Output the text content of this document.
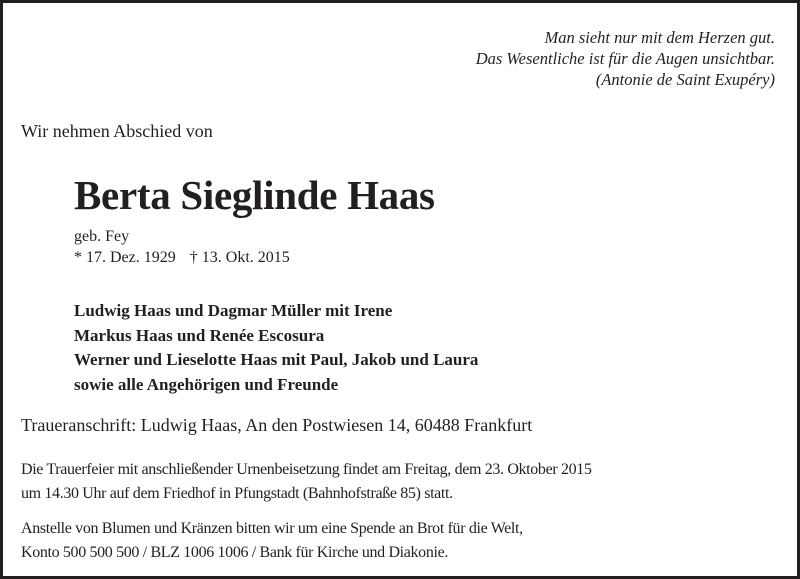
Man sieht nur mit dem Herzen gut.
Das Wesentliche ist für die Augen unsichtbar.
(Antonie de Saint Exupéry)
Wir nehmen Abschied von
Berta Sieglinde Haas
geb. Fey
* 17. Dez. 1929 † 13. Okt. 2015
Ludwig Haas und Dagmar Müller mit Irene
Markus Haas und Renée Escosura
Werner und Lieselotte Haas mit Paul, Jakob und Laura
sowie alle Angehörigen und Freunde
Traueranschrift: Ludwig Haas, An den Postwiesen 14, 60488 Frankfurt
Die Trauerfeier mit anschließender Urnenbeisetzung findet am Freitag, dem 23. Oktober 2015
um 14.30 Uhr auf dem Friedhof in Pfungstadt (Bahnhofstraße 85) statt.
Anstelle von Blumen und Kränzen bitten wir um eine Spende an Brot für die Welt,
Konto 500 500 500 / BLZ 1006 1006 / Bank für Kirche und Diakonie.
